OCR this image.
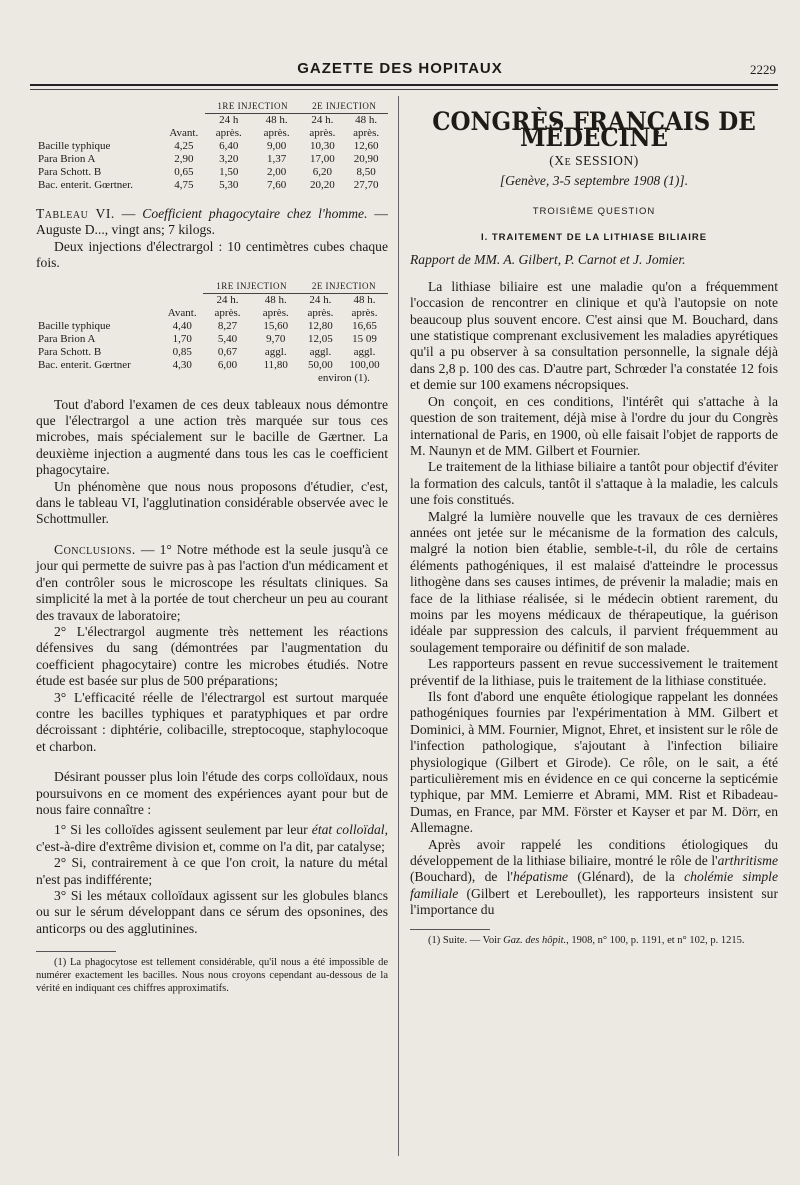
GAZETTE DES HOPITAUX	2229
		1RE INJECTION		2E INJECTION	
		24 h	48 h.	24 h.	48 h.
	Avant.	après.	après.	après.	après.
Bacille typhique	4,25	6,40	9,00	10,30	12,60
Para Brion A	2,90	3,20	1,37	17,00	20,90
Para Schott. B	0,65	1,50	2,00	6,20	8,50
Bac. enterit. Gœrtner.	4,75	5,30	7,60	20,20	27,70

Tableau VI. — Coefficient phagocytaire chez l'homme. — Auguste D..., vingt ans; 7 kilogs.

Deux injections d'électrargol : 10 centimètres cubes chaque fois.

		1RE INJECTION		2E INJECTION	
		24 h.	48 h.	24 h.	48 h.
	Avant.	après.	après.	après.	après.
Bacille typhique	4,40	8,27	15,60	12,80	16,65
Para Brion A	1,70	5,40	9,70	12,05	15 09
Para Schott. B	0,85	0,67	aggl.	aggl.	aggl.
Bac. enterit. Gœrtner	4,30	6,00	11,80	50,00	100,00
				environ (1).	

Tout d'abord l'examen de ces deux tableaux nous démontre que l'électrargol a une action très marquée sur tous ces microbes, mais spécialement sur le bacille de Gærtner. La deuxième injection a augmenté dans tous les cas le coefficient phagocytaire.

Un phénomène que nous nous proposons d'étudier, c'est, dans le tableau VI, l'agglutination considérable observée avec le Schottmuller.

Conclusions. — 1° Notre méthode est la seule jusqu'à ce jour qui permette de suivre pas à pas l'action d'un médicament et d'en contrôler sous le microscope les résultats cliniques. Sa simplicité la met à la portée de tout chercheur un peu au courant des travaux de laboratoire;

2° L'électrargol augmente très nettement les réactions défensives du sang (démontrées par l'augmentation du coefficient phagocytaire) contre les microbes étudiés. Notre étude est basée sur plus de 500 préparations;

3° L'efficacité réelle de l'électrargol est surtout marquée contre les bacilles typhiques et paratyphiques et par ordre décroissant : diphtérie, colibacille, streptocoque, staphylocoque et charbon.

Désirant pousser plus loin l'étude des corps colloïdaux, nous poursuivons en ce moment des expériences ayant pour but de nous faire connaître :

1° Si les colloïdes agissent seulement par leur état colloïdal, c'est-à-dire d'extrême division et, comme on l'a dit, par catalyse;

2° Si, contrairement à ce que l'on croit, la nature du métal n'est pas indifférente;

3° Si les métaux colloïdaux agissent sur les globules blancs ou sur le sérum développant dans ce sérum des opsonines, des anticorps ou des agglutinines.

(1) La phagocytose est tellement considérable, qu'il nous a été impossible de numérer exactement les bacilles. Nous nous croyons cependant au-dessous de la vérité en indiquant ces chiffres approximatifs.

CONGRÈS FRANÇAIS DE MÉDECINE

(Xe SESSION)

[Genève, 3-5 septembre 1908 (1)].

TROISIÈME QUESTION

I. TRAITEMENT DE LA LITHIASE BILIAIRE

Rapport de MM. A. Gilbert, P. Carnot et J. Jomier.

La lithiase biliaire est une maladie qu'on a fréquemment l'occasion de rencontrer en clinique et qu'à l'autopsie on note beaucoup plus souvent encore. C'est ainsi que M. Bouchard, dans une statistique comprenant exclusivement les maladies apyrétiques qu'il a pu observer à sa consultation personnelle, la signale déjà dans 2,8 p. 100 des cas. D'autre part, Schrœder l'a constatée 12 fois et demie sur 100 examens nécropsiques.

On conçoit, en ces conditions, l'intérêt qui s'attache à la question de son traitement, déjà mise à l'ordre du jour du Congrès international de Paris, en 1900, où elle faisait l'objet de rapports de M. Naunyn et de MM. Gilbert et Fournier.

Le traitement de la lithiase biliaire a tantôt pour objectif d'éviter la formation des calculs, tantôt il s'attaque à la maladie, les calculs une fois constitués.

Malgré la lumière nouvelle que les travaux de ces dernières années ont jetée sur le mécanisme de la formation des calculs, malgré la notion bien établie, semble-t-il, du rôle de certains éléments pathogéniques, il est malaisé d'atteindre le processus lithogène dans ses causes intimes, de prévenir la maladie; mais en face de la lithiase réalisée, si le médecin obtient rarement, du moins par les moyens médicaux de thérapeutique, la guérison idéale par suppression des calculs, il parvient fréquemment au soulagement temporaire ou définitif de son malade.

Les rapporteurs passent en revue successivement le traitement préventif de la lithiase, puis le traitement de la lithiase constituée.

Ils font d'abord une enquête étiologique rappelant les données pathogéniques fournies par l'expérimentation à MM. Gilbert et Dominici, à MM. Fournier, Mignot, Ehret, et insistent sur le rôle de l'infection pathologique, s'ajoutant à l'infection biliaire physiologique (Gilbert et Girode). Ce rôle, on le sait, a été particulièrement mis en évidence en ce qui concerne la septicémie typhique, par MM. Lemierre et Abrami, MM. Rist et Ribadeau-Dumas, en France, par MM. Förster et Kayser et par M. Dörr, en Allemagne.

Après avoir rappelé les conditions étiologiques du développement de la lithiase biliaire, montré le rôle de l'arthritisme (Bouchard), de l'hépatisme (Glénard), de la cholémie simple familiale (Gilbert et Lereboullet), les rapporteurs insistent sur l'importance du

(1) Suite. — Voir Gaz. des hôpit., 1908, n° 100, p. 1191, et n° 102, p. 1215.
